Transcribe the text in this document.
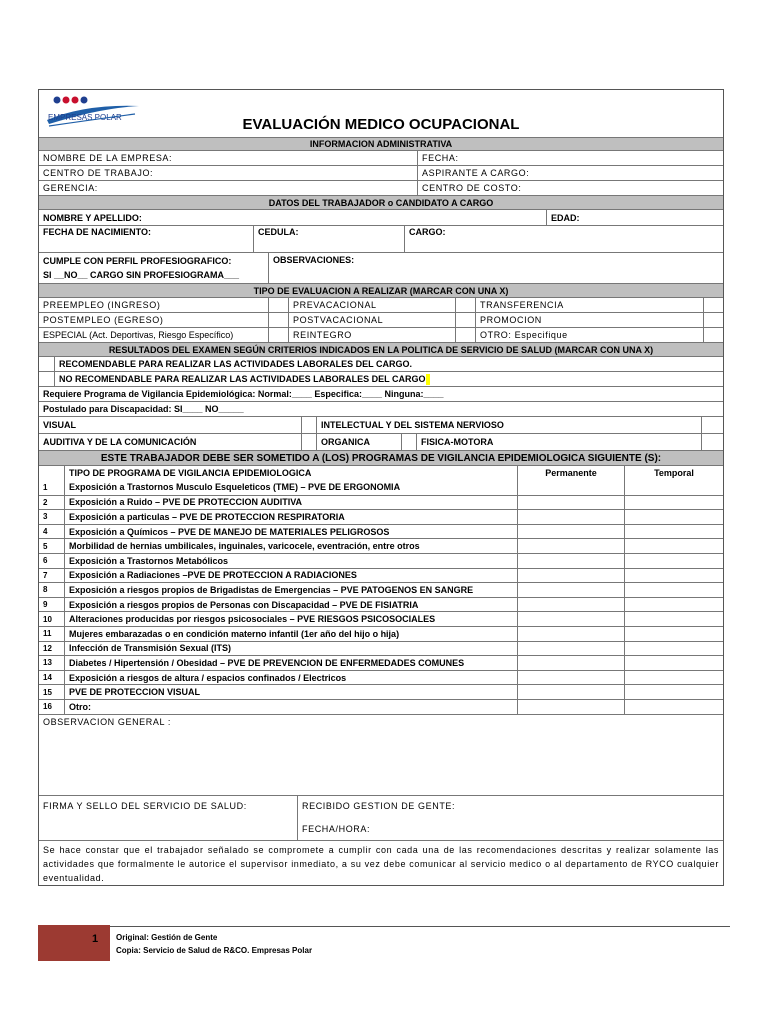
EMPRESAS POLAR	EVALUACIÓN MEDICO OCUPACIONAL
INFORMACION ADMINISTRATIVA
NOMBRE DE LA EMPRESA:	FECHA:
CENTRO DE TRABAJO:	ASPIRANTE A CARGO:
GERENCIA:	CENTRO DE COSTO:
DATOS DEL TRABAJADOR o CANDIDATO A CARGO
NOMBRE Y APELLIDO:	EDAD:
FECHA DE NACIMIENTO:	CEDULA:	CARGO:
CUMPLE CON PERFIL PROFESIOGRAFICO:
SI __NO__ CARGO SIN PROFESIOGRAMA___
OBSERVACIONES:
TIPO DE EVALUACION A REALIZAR (MARCAR CON UNA X)
PREEMPLEO (INGRESO)	PREVACACIONAL	TRANSFERENCIA
POSTEMPLEO (EGRESO)	POSTVACACIONAL	PROMOCION
ESPECIAL (Act. Deportivas, Riesgo Específico)	REINTEGRO	OTRO: Especifique
RESULTADOS DEL EXAMEN SEGÚN CRITERIOS INDICADOS EN LA POLITICA DE SERVICIO DE SALUD (MARCAR CON UNA X)
RECOMENDABLE PARA REALIZAR LAS ACTIVIDADES LABORALES DEL CARGO.
NO RECOMENDABLE PARA REALIZAR LAS ACTIVIDADES LABORALES DEL CARGO
Requiere Programa de Vigilancia Epidemiológica: Normal:____ Especifica:____ Ninguna:____
Postulado para Discapacidad: SI____ NO_____
VISUAL	INTELECTUAL Y DEL SISTEMA NERVIOSO
AUDITIVA Y DE LA COMUNICACIÓN	ORGANICA	FISICA-MOTORA
ESTE TRABAJADOR DEBE SER SOMETIDO A (LOS) PROGRAMAS DE VIGILANCIA EPIDEMIOLOGICA SIGUIENTE (S):
TIPO DE PROGRAMA DE VIGILANCIA EPIDEMIOLOGICA	Permanente	Temporal
1	Exposición a Trastornos Musculo Esqueleticos (TME) – PVE DE ERGONOMIA
2	Exposición a Ruido – PVE DE PROTECCION AUDITIVA
3	Exposición a particulas – PVE DE PROTECCION RESPIRATORIA
4	Exposición a Químicos – PVE DE MANEJO DE MATERIALES PELIGROSOS
5	Morbilidad de hernias umbilicales, inguinales, varicocele, eventración, entre otros
6	Exposición a Trastornos Metabólicos
7	Exposición a Radiaciones –PVE DE PROTECCION A RADIACIONES
8	Exposición a riesgos propios de Brigadistas de Emergencias – PVE PATOGENOS EN SANGRE
9	Exposición a riesgos propios de Personas con Discapacidad – PVE DE FISIATRIA
10	Alteraciones producidas por riesgos psicosociales – PVE RIESGOS PSICOSOCIALES
11	Mujeres embarazadas o en condición materno infantil (1er año del hijo o hija)
12	Infección de Transmisión Sexual (ITS)
13	Diabetes / Hipertensión / Obesidad – PVE DE PREVENCION DE ENFERMEDADES COMUNES
14	Exposición a riesgos de altura / espacios confinados / Electricos
15	PVE DE PROTECCION VISUAL
16	Otro:
OBSERVACION GENERAL :
FIRMA Y SELLO DEL SERVICIO DE SALUD:	RECIBIDO GESTION DE GENTE:
FECHA/HORA:
Se hace constar que el trabajador señalado se compromete a cumplir con cada una de las recomendaciones descritas y realizar solamente las actividades que formalmente le autorice el supervisor inmediato, a su vez debe comunicar al servicio medico o al departamento de RYCO cualquier eventualidad.
1 Original: Gestión de Gente
Copia: Servicio de Salud de R&CO. Empresas Polar
